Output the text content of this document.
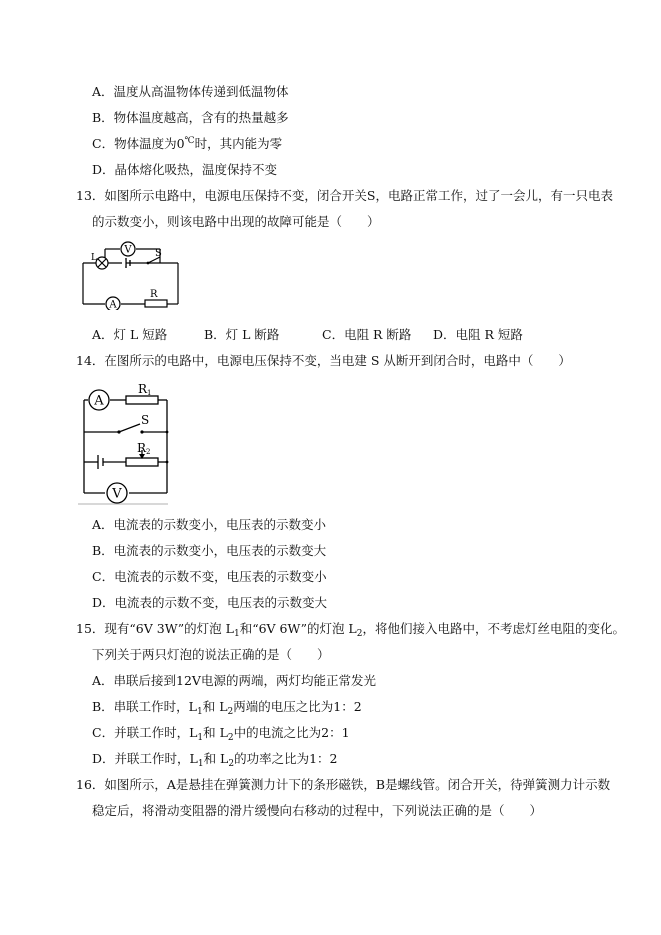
A．温度从高温物体传递到低温物体
B．物体温度越高，含有的热量越多
C．物体温度为0℃时，其内能为零
D．晶体熔化吸热，温度保持不变
13．如图所示电路中，电源电压保持不变，闭合开关S，电路正常工作，过了一会儿，有一只电表
的示数变小，则该电路中出现的故障可能是（　　）
V
L
A
S
R
A．灯 L 短路	B．灯 L 断路	C．电阻 R 断路 D．电阻 R 短路
14．在图所示的电路中，电源电压保持不变，当电建 S 从断开到闭合时，电路中（　　）
A
R1
S
R2
V
A．电流表的示数变小，电压表的示数变小
B．电流表的示数变小，电压表的示数变大
C．电流表的示数不变，电压表的示数变小
D．电流表的示数不变，电压表的示数变大
15．现有“6V 3W”的灯泡 $L_1$和“6V 6W”的灯泡 $L_2$，将他们接入电路中，不考虑灯丝电阻的变化。
下列关于两只灯泡的说法正确的是（　　）
A．串联后接到12V电源的两端，两灯均能正常发光
B．串联工作时，$L_1$和 $L_2$两端的电压之比为1：2
C．并联工作时，$L_1$和 $L_2$中的电流之比为2：1
D．并联工作时，$L_1$和 $L_2$的功率之比为1：2
16．如图所示，A是悬挂在弹簧测力计下的条形磁铁，B是螺线管。闭合开关，待弹簧测力计示数
稳定后，将滑动变阻器的滑片缓慢向右移动的过程中，下列说法正确的是（　　）
